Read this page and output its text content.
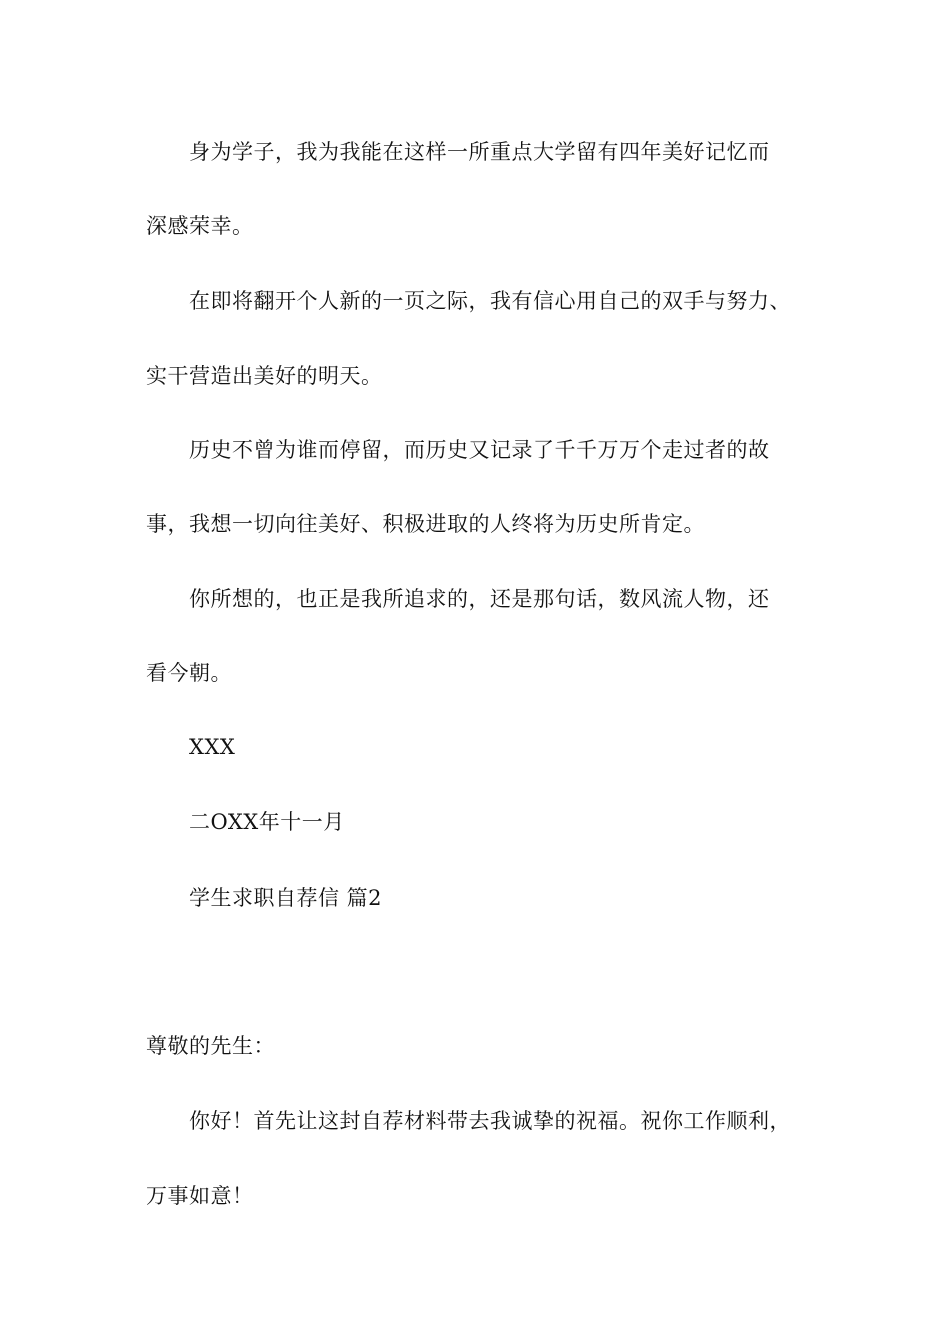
身为学子，我为我能在这样一所重点大学留有四年美好记忆而
深感荣幸。
在即将翻开个人新的一页之际，我有信心用自己的双手与努力、
实干营造出美好的明天。
历史不曾为谁而停留，而历史又记录了千千万万个走过者的故
事，我想一切向往美好、积极进取的人终将为历史所肯定。
你所想的，也正是我所追求的，还是那句话，数风流人物，还
看今朝。
XXX
二OXX年十一月
学生求职自荐信 篇2
尊敬的先生：
你好！首先让这封自荐材料带去我诚挚的祝福。祝你工作顺利，
万事如意！
